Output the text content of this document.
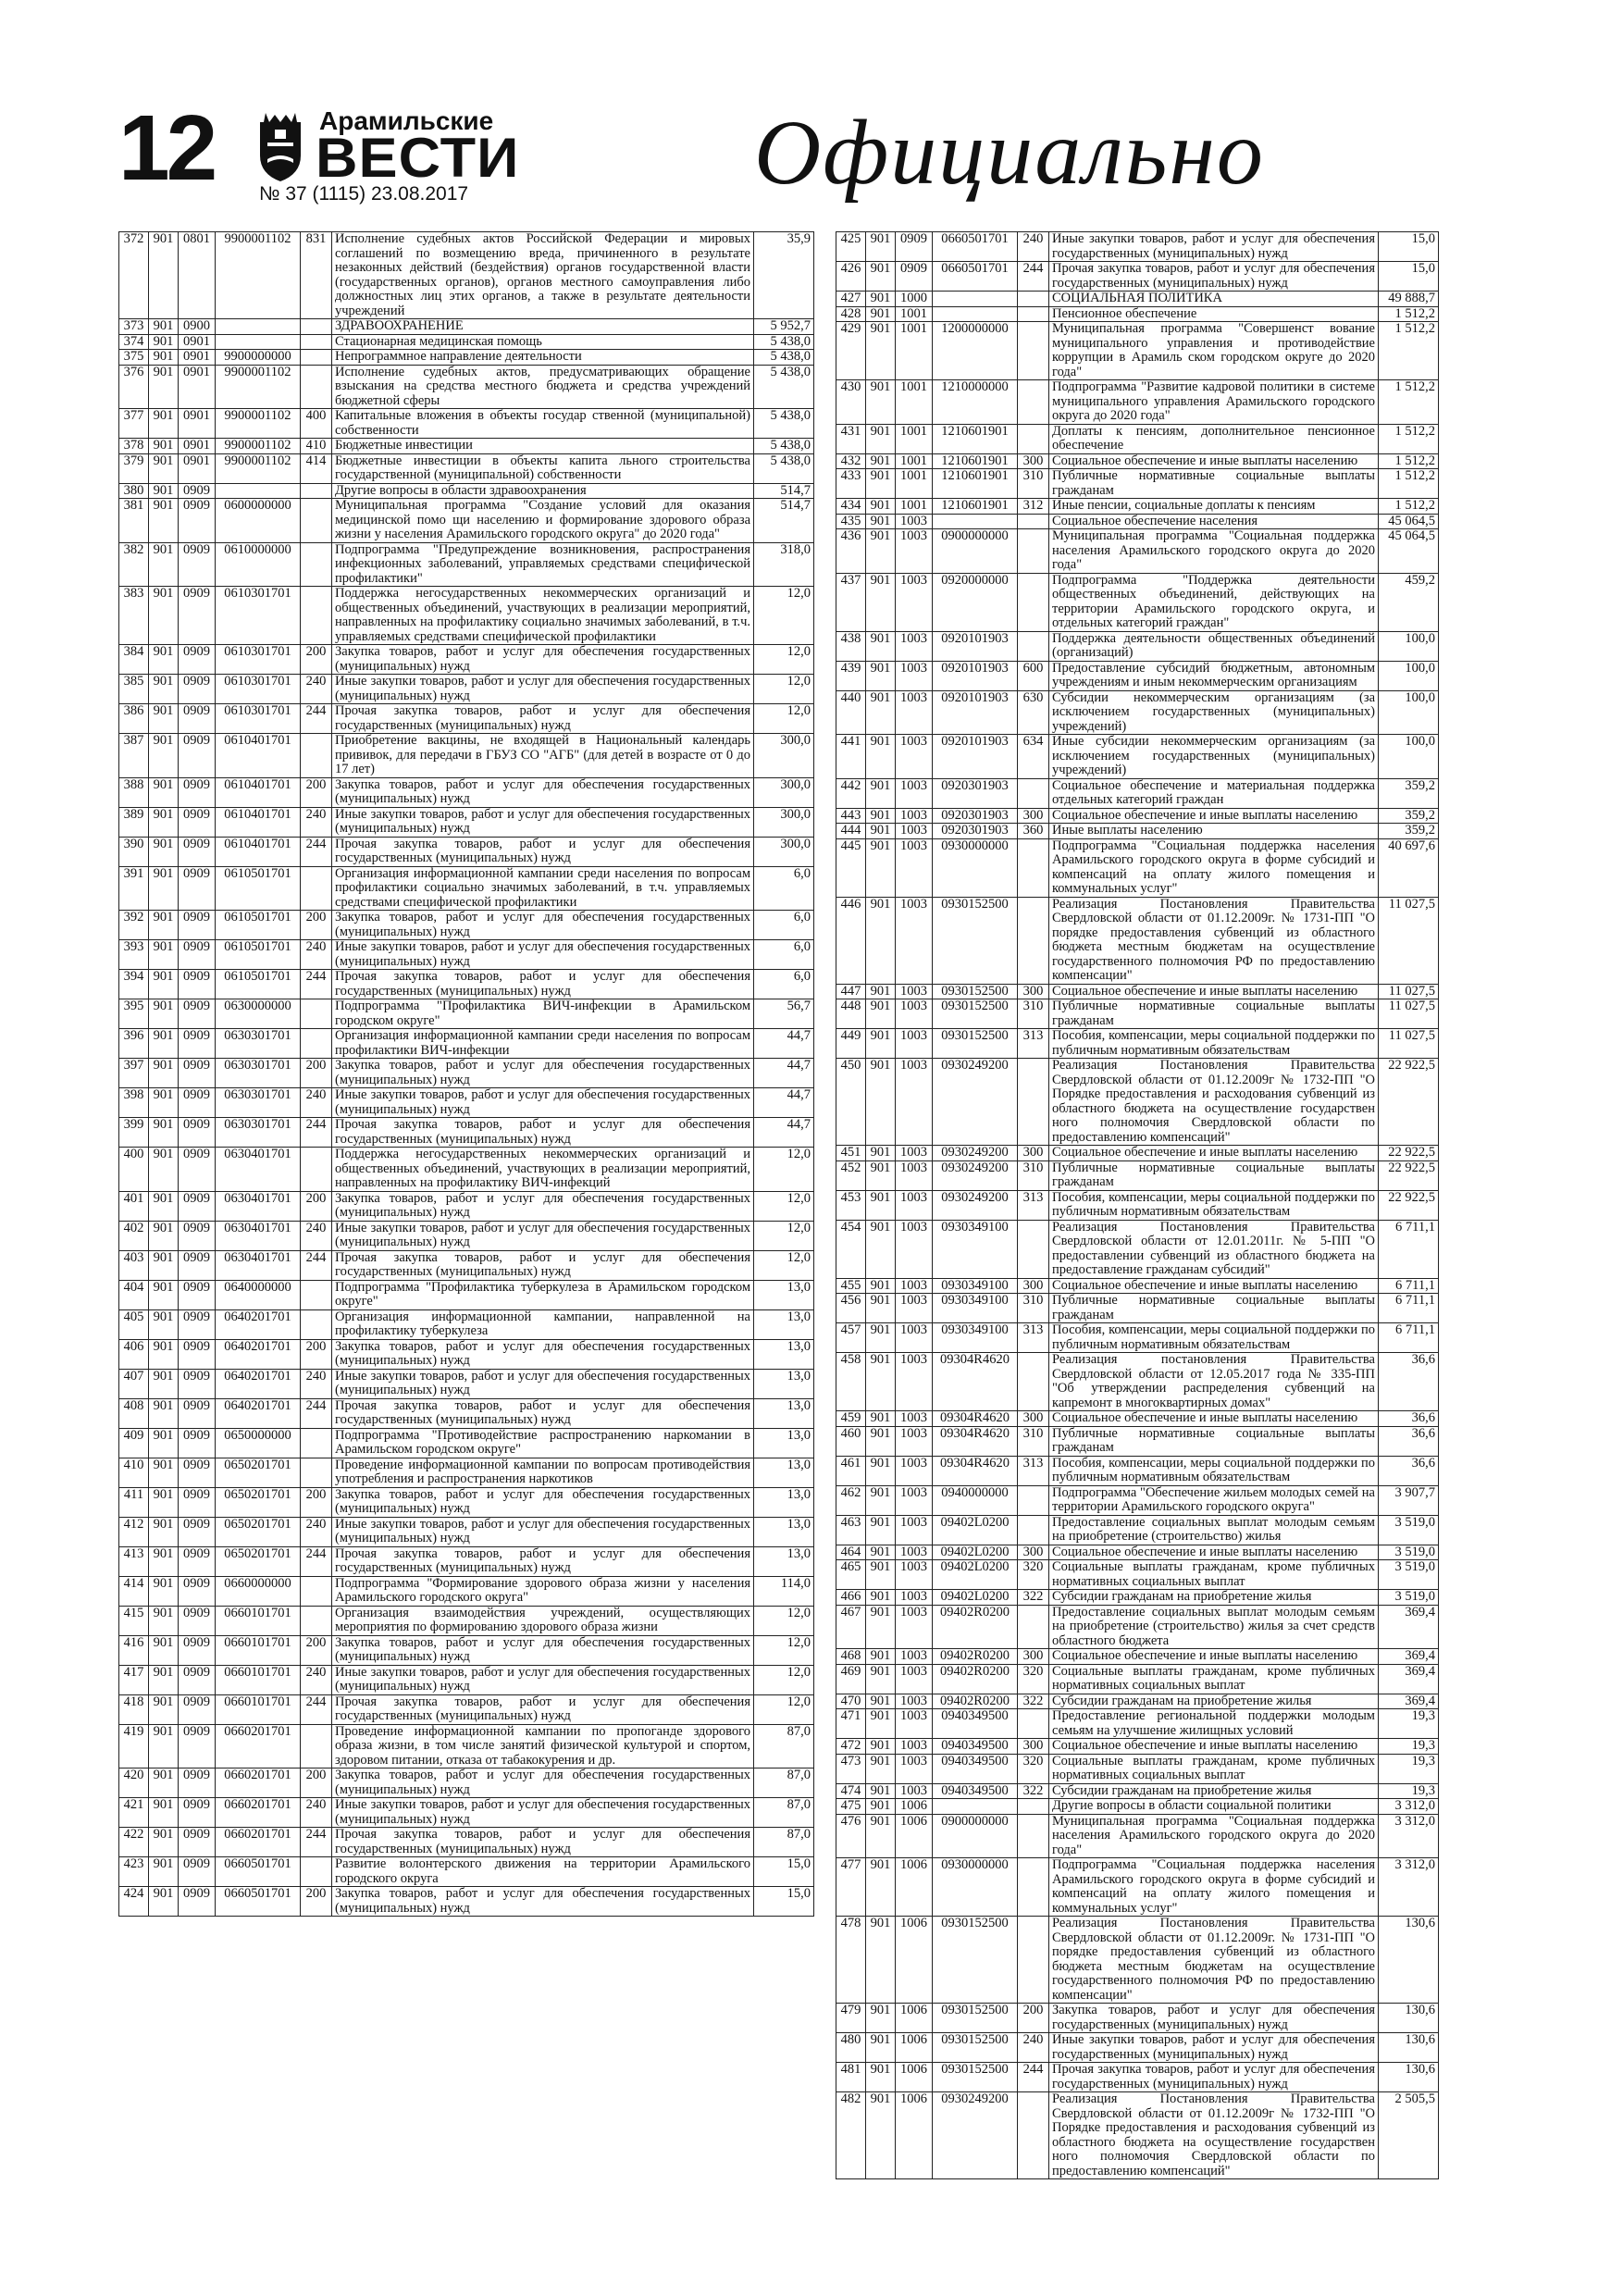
12	Арамильские
ВЕСТИ
№ 37 (1115) 23.08.2017	Официально
372	901	0801	9900001102	831	Исполнение судебных актов Российской Федерации и мировых соглашений по возмещению вреда, причиненного в результате незаконных действий (бездействия) органов государственной власти (государственных органов), органов местного самоуправления либо должностных лиц этих органов, а также в результате деятельности учреждений	35,9
373	901	0900			ЗДРАВООХРАНЕНИЕ	5 952,7
374	901	0901			Стационарная медицинская помощь	5 438,0
375	901	0901	9900000000		Непрограммное направление деятельности	5 438,0
376	901	0901	9900001102		Исполнение судебных актов, предусматривающих обращение взыскания на средства местного бюджета и средства учреждений бюджетной сферы	5 438,0
377	901	0901	9900001102	400	Капитальные вложения в объекты государ ственной (муниципальной) собственности	5 438,0
378	901	0901	9900001102	410	Бюджетные инвестиции	5 438,0
379	901	0901	9900001102	414	Бюджетные инвестиции в объекты капита льного строительства государственной (муниципальной) собственности	5 438,0
380	901	0909			Другие вопросы в области здравоохранения	514,7
381	901	0909	0600000000		Муниципальная программа "Создание условий для оказания медицинской помо щи населению и формирование здорового образа жизни у населения Арамильского городского округа" до 2020 года"	514,7
382	901	0909	0610000000		Подпрограмма "Предупреждение возникновения, распространения инфекционных заболеваний, управляемых средствами специфической профилактики"	318,0
383	901	0909	0610301701		Поддержка негосударственных некоммерческих организаций и общественных объединений, участвующих в реализации мероприятий, направленных на профилактику социально значимых заболеваний, в т.ч. управляемых средствами специфической профилактики	12,0
384	901	0909	0610301701	200	Закупка товаров, работ и услуг для обеспечения государственных (муниципальных) нужд	12,0
385	901	0909	0610301701	240	Иные закупки товаров, работ и услуг для обеспечения государственных (муниципальных) нужд	12,0
386	901	0909	0610301701	244	Прочая закупка товаров, работ и услуг для обеспечения государственных (муниципальных) нужд	12,0
387	901	0909	0610401701		Приобретение вакцины, не входящей в Национальный календарь прививок, для передачи в ГБУЗ СО "АГБ" (для детей в возрасте от 0 до 17 лет)	300,0
388	901	0909	0610401701	200	Закупка товаров, работ и услуг для обеспечения государственных (муниципальных) нужд	300,0
389	901	0909	0610401701	240	Иные закупки товаров, работ и услуг для обеспечения государственных (муниципальных) нужд	300,0
390	901	0909	0610401701	244	Прочая закупка товаров, работ и услуг для обеспечения государственных (муниципальных) нужд	300,0
391	901	0909	0610501701		Организация информационной кампании среди населения по вопросам профилактики социально значимых заболеваний, в т.ч. управляемых средствами специфической профилактики	6,0
392	901	0909	0610501701	200	Закупка товаров, работ и услуг для обеспечения государственных (муниципальных) нужд	6,0
393	901	0909	0610501701	240	Иные закупки товаров, работ и услуг для обеспечения государственных (муниципальных) нужд	6,0
394	901	0909	0610501701	244	Прочая закупка товаров, работ и услуг для обеспечения государственных (муниципальных) нужд	6,0
395	901	0909	0630000000		Подпрограмма "Профилактика ВИЧ-инфекции в Арамильском городском округе"	56,7
396	901	0909	0630301701		Организация информационной кампании среди населения по вопросам профилактики ВИЧ-инфекции	44,7
397	901	0909	0630301701	200	Закупка товаров, работ и услуг для обеспечения государственных (муниципальных) нужд	44,7
398	901	0909	0630301701	240	Иные закупки товаров, работ и услуг для обеспечения государственных (муниципальных) нужд	44,7
399	901	0909	0630301701	244	Прочая закупка товаров, работ и услуг для обеспечения государственных (муниципальных) нужд	44,7
400	901	0909	0630401701		Поддержка негосударственных некоммерческих организаций и общественных объединений, участвующих в реализации мероприятий, направленных на профилактику ВИЧ-инфекций	12,0
401	901	0909	0630401701	200	Закупка товаров, работ и услуг для обеспечения государственных (муниципальных) нужд	12,0
402	901	0909	0630401701	240	Иные закупки товаров, работ и услуг для обеспечения государственных (муниципальных) нужд	12,0
403	901	0909	0630401701	244	Прочая закупка товаров, работ и услуг для обеспечения государственных (муниципальных) нужд	12,0
404	901	0909	0640000000		Подпрограмма "Профилактика туберкулеза в Арамильском городском округе"	13,0
405	901	0909	0640201701		Организация информационной кампании, направленной на профилактику туберкулеза	13,0
406	901	0909	0640201701	200	Закупка товаров, работ и услуг для обеспечения государственных (муниципальных) нужд	13,0
407	901	0909	0640201701	240	Иные закупки товаров, работ и услуг для обеспечения государственных (муниципальных) нужд	13,0
408	901	0909	0640201701	244	Прочая закупка товаров, работ и услуг для обеспечения государственных (муниципальных) нужд	13,0
409	901	0909	0650000000		Подпрограмма "Противодействие распространению наркомании в Арамильском городском округе"	13,0
410	901	0909	0650201701		Проведение информационной кампании по вопросам противодействия употребления и распространения наркотиков	13,0
411	901	0909	0650201701	200	Закупка товаров, работ и услуг для обеспечения государственных (муниципальных) нужд	13,0
412	901	0909	0650201701	240	Иные закупки товаров, работ и услуг для обеспечения государственных (муниципальных) нужд	13,0
413	901	0909	0650201701	244	Прочая закупка товаров, работ и услуг для обеспечения государственных (муниципальных) нужд	13,0
414	901	0909	0660000000		Подпрограмма "Формирование здорового образа жизни у населения Арамильского городского округа"	114,0
415	901	0909	0660101701		Организация взаимодействия учреждений, осуществляющих мероприятия по формированию здорового образа жизни	12,0
416	901	0909	0660101701	200	Закупка товаров, работ и услуг для обеспечения государственных (муниципальных) нужд	12,0
417	901	0909	0660101701	240	Иные закупки товаров, работ и услуг для обеспечения государственных (муниципальных) нужд	12,0
418	901	0909	0660101701	244	Прочая закупка товаров, работ и услуг для обеспечения государственных (муниципальных) нужд	12,0
419	901	0909	0660201701		Проведение информационной кампании по пропоганде здорового образа жизни, в том числе занятий физической культурой и спортом, здоровом питании, отказа от табакокурения и др.	87,0
420	901	0909	0660201701	200	Закупка товаров, работ и услуг для обеспечения государственных (муниципальных) нужд	87,0
421	901	0909	0660201701	240	Иные закупки товаров, работ и услуг для обеспечения государственных (муниципальных) нужд	87,0
422	901	0909	0660201701	244	Прочая закупка товаров, работ и услуг для обеспечения государственных (муниципальных) нужд	87,0
423	901	0909	0660501701		Развитие волонтерского движения на территории Арамильского городского округа	15,0
424	901	0909	0660501701	200	Закупка товаров, работ и услуг для обеспечения государственных (муниципальных) нужд	15,0
425	901	0909	0660501701	240	Иные закупки товаров, работ и услуг для обеспечения государственных (муниципальных) нужд	15,0
426	901	0909	0660501701	244	Прочая закупка товаров, работ и услуг для обеспечения государственных (муниципальных) нужд	15,0
427	901	1000			СОЦИАЛЬНАЯ ПОЛИТИКА	49 888,7
428	901	1001			Пенсионное обеспечение	1 512,2
429	901	1001	1200000000		Муниципальная программа "Совершенст вование муниципального управления и противодействие коррупции в Арамиль ском городском округе до 2020 года"	1 512,2
430	901	1001	1210000000		Подпрограмма "Развитие кадровой политики в системе муниципального управления Арамильского городского округа до 2020 года"	1 512,2
431	901	1001	1210601901		Доплаты к пенсиям, дополнительное пенсионное обеспечение	1 512,2
432	901	1001	1210601901	300	Социальное обеспечение и иные выплаты населению	1 512,2
433	901	1001	1210601901	310	Публичные нормативные социальные выплаты гражданам	1 512,2
434	901	1001	1210601901	312	Иные пенсии, социальные доплаты к пенсиям	1 512,2
435	901	1003			Социальное обеспечение населения	45 064,5
436	901	1003	0900000000		Муниципальная программа "Социальная поддержка населения Арамильского городского округа до 2020 года"	45 064,5
437	901	1003	0920000000		Подпрограмма "Поддержка деятельности общественных объединений, действующих на территории Арамильского городского округа, и отдельных категорий граждан"	459,2
438	901	1003	0920101903		Поддержка деятельности общественных объединений (организаций)	100,0
439	901	1003	0920101903	600	Предоставление субсидий бюджетным, автономным учреждениям и иным некоммерческим организациям	100,0
440	901	1003	0920101903	630	Субсидии некоммерческим организациям (за исключением государственных (муниципальных) учреждений)	100,0
441	901	1003	0920101903	634	Иные субсидии некоммерческим организациям (за исключением государственных (муниципальных) учреждений)	100,0
442	901	1003	0920301903		Социальное обеспечение и материальная поддержка отдельных категорий граждан	359,2
443	901	1003	0920301903	300	Социальное обеспечение и иные выплаты населению	359,2
444	901	1003	0920301903	360	Иные выплаты населению	359,2
445	901	1003	0930000000		Подпрограмма "Социальная поддержка населения Арамильского городского округа в форме субсидий и компенсаций на оплату жилого помещения и коммунальных услуг"	40 697,6
446	901	1003	0930152500		Реализация Постановления Правительства Свердловской области от 01.12.2009г. № 1731-ПП "О порядке предоставления субвенций из областного бюджета местным бюджетам на осуществление государственного полномочия РФ по предоставлению компенсации"	11 027,5
447	901	1003	0930152500	300	Социальное обеспечение и иные выплаты населению	11 027,5
448	901	1003	0930152500	310	Публичные нормативные социальные выплаты гражданам	11 027,5
449	901	1003	0930152500	313	Пособия, компенсации, меры социальной поддержки по публичным нормативным обязательствам	11 027,5
450	901	1003	0930249200		Реализация Постановления Правительства Свердловской области от 01.12.2009г № 1732-ПП "О Порядке предоставления и расходования субвенций из областного бюджета на осуществление государствен ного полномочия Свердловской области по предоставлению компенсаций"	22 922,5
451	901	1003	0930249200	300	Социальное обеспечение и иные выплаты населению	22 922,5
452	901	1003	0930249200	310	Публичные нормативные социальные выплаты гражданам	22 922,5
453	901	1003	0930249200	313	Пособия, компенсации, меры социальной поддержки по публичным нормативным обязательствам	22 922,5
454	901	1003	0930349100		Реализация Постановления Правительства Свердловской области от 12.01.2011г. № 5-ПП "О предоставлении субвенций из областного бюджета на предоставление гражданам субсидий"	6 711,1
455	901	1003	0930349100	300	Социальное обеспечение и иные выплаты населению	6 711,1
456	901	1003	0930349100	310	Публичные нормативные социальные выплаты гражданам	6 711,1
457	901	1003	0930349100	313	Пособия, компенсации, меры социальной поддержки по публичным нормативным обязательствам	6 711,1
458	901	1003	09304R4620		Реализация постановления Правительства Свердловской области от 12.05.2017 года № 335-ПП "Об утверждении распределения субвенций на капремонт в многоквартирных домах"	36,6
459	901	1003	09304R4620	300	Социальное обеспечение и иные выплаты населению	36,6
460	901	1003	09304R4620	310	Публичные нормативные социальные выплаты гражданам	36,6
461	901	1003	09304R4620	313	Пособия, компенсации, меры социальной поддержки по публичным нормативным обязательствам	36,6
462	901	1003	0940000000		Подпрограмма "Обеспечение жильем молодых семей на территории Арамильского городского округа"	3 907,7
463	901	1003	09402L0200		Предоставление социальных выплат молодым семьям на приобретение (строительство) жилья	3 519,0
464	901	1003	09402L0200	300	Социальное обеспечение и иные выплаты населению	3 519,0
465	901	1003	09402L0200	320	Социальные выплаты гражданам, кроме публичных нормативных социальных выплат	3 519,0
466	901	1003	09402L0200	322	Субсидии гражданам на приобретение жилья	3 519,0
467	901	1003	09402R0200		Предоставление социальных выплат молодым семьям на приобретение (строительство) жилья за счет средств областного бюджета	369,4
468	901	1003	09402R0200	300	Социальное обеспечение и иные выплаты населению	369,4
469	901	1003	09402R0200	320	Социальные выплаты гражданам, кроме публичных нормативных социальных выплат	369,4
470	901	1003	09402R0200	322	Субсидии гражданам на приобретение жилья	369,4
471	901	1003	0940349500		Предоставление региональной поддержки молодым семьям на улучшение жилищных условий	19,3
472	901	1003	0940349500	300	Социальное обеспечение и иные выплаты населению	19,3
473	901	1003	0940349500	320	Социальные выплаты гражданам, кроме публичных нормативных социальных выплат	19,3
474	901	1003	0940349500	322	Субсидии гражданам на приобретение жилья	19,3
475	901	1006			Другие вопросы в области социальной политики	3 312,0
476	901	1006	0900000000		Муниципальная программа "Социальная поддержка населения Арамильского городского округа до 2020 года"	3 312,0
477	901	1006	0930000000		Подпрограмма "Социальная поддержка населения Арамильского городского округа в форме субсидий и компенсаций на оплату жилого помещения и коммунальных услуг"	3 312,0
478	901	1006	0930152500		Реализация Постановления Правительства Свердловской области от 01.12.2009г. № 1731-ПП "О порядке предоставления субвенций из областного бюджета местным бюджетам на осуществление государственного полномочия РФ по предоставлению компенсации"	130,6
479	901	1006	0930152500	200	Закупка товаров, работ и услуг для обеспечения государственных (муниципальных) нужд	130,6
480	901	1006	0930152500	240	Иные закупки товаров, работ и услуг для обеспечения государственных (муниципальных) нужд	130,6
481	901	1006	0930152500	244	Прочая закупка товаров, работ и услуг для обеспечения государственных (муниципальных) нужд	130,6
482	901	1006	0930249200		Реализация Постановления Правительства Свердловской области от 01.12.2009г № 1732-ПП "О Порядке предоставления и расходования субвенций из областного бюджета на осуществление государствен ного полномочия Свердловской области по предоставлению компенсаций"	2 505,5
